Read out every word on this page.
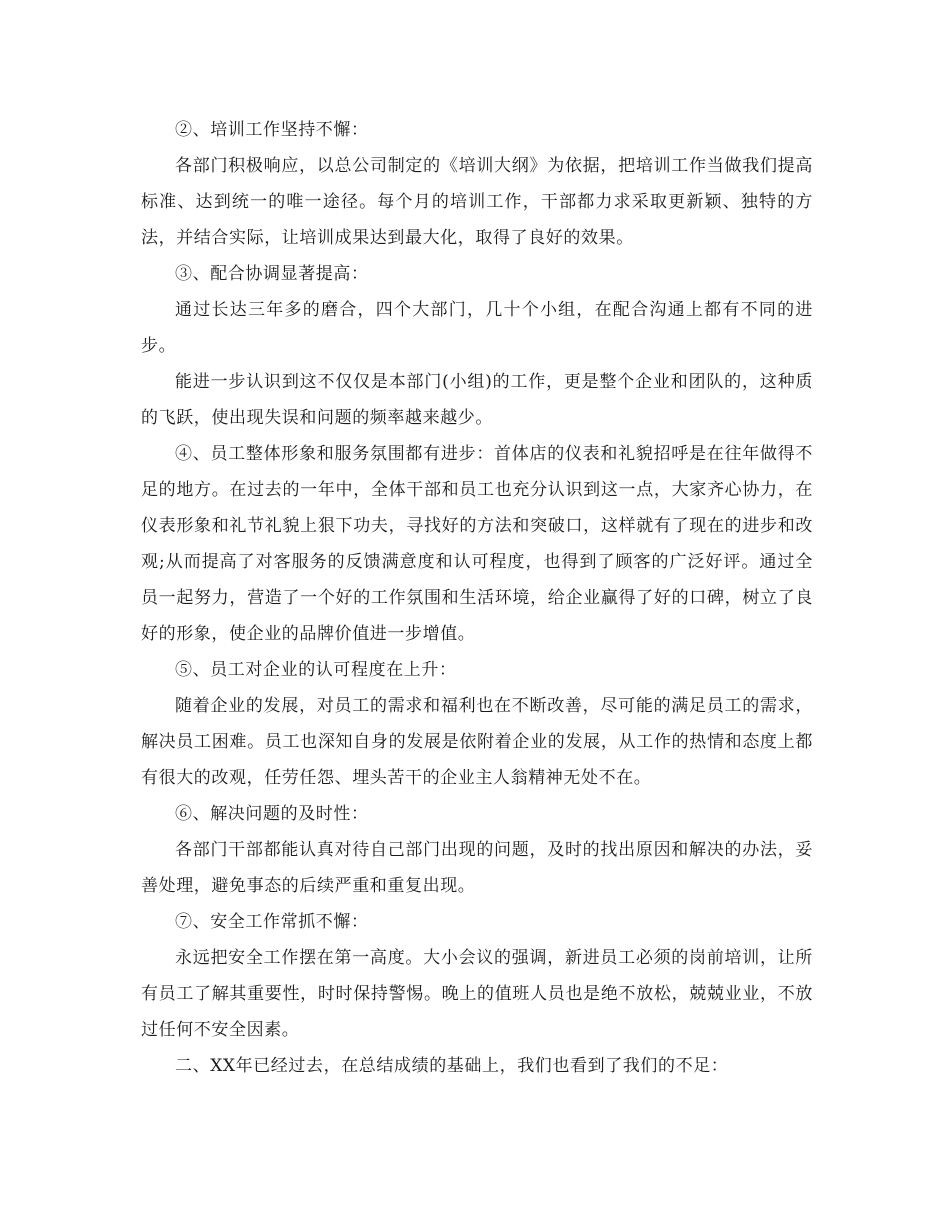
②、培训工作坚持不懈：

各部门积极响应，以总公司制定的《培训大纲》为依据，把培训工作当做我们提高标准、达到统一的唯一途径。每个月的培训工作，干部都力求采取更新颖、独特的方法，并结合实际，让培训成果达到最大化，取得了良好的效果。

③、配合协调显著提高：

通过长达三年多的磨合，四个大部门，几十个小组，在配合沟通上都有不同的进步。

能进一步认识到这不仅仅是本部门(小组)的工作，更是整个企业和团队的，这种质的飞跃，使出现失误和问题的频率越来越少。

④、员工整体形象和服务氛围都有进步：首体店的仪表和礼貌招呼是在往年做得不足的地方。在过去的一年中，全体干部和员工也充分认识到这一点，大家齐心协力，在仪表形象和礼节礼貌上狠下功夫，寻找好的方法和突破口，这样就有了现在的进步和改观;从而提高了对客服务的反馈满意度和认可程度，也得到了顾客的广泛好评。通过全员一起努力，营造了一个好的工作氛围和生活环境，给企业赢得了好的口碑，树立了良好的形象，使企业的品牌价值进一步增值。

⑤、员工对企业的认可程度在上升：

随着企业的发展，对员工的需求和福利也在不断改善，尽可能的满足员工的需求，解决员工困难。员工也深知自身的发展是依附着企业的发展，从工作的热情和态度上都有很大的改观，任劳任怨、埋头苦干的企业主人翁精神无处不在。

⑥、解决问题的及时性：

各部门干部都能认真对待自己部门出现的问题，及时的找出原因和解决的办法，妥善处理，避免事态的后续严重和重复出现。

⑦、安全工作常抓不懈：

永远把安全工作摆在第一高度。大小会议的强调，新进员工必须的岗前培训，让所有员工了解其重要性，时时保持警惕。晚上的值班人员也是绝不放松，兢兢业业，不放过任何不安全因素。

二、XX年已经过去，在总结成绩的基础上，我们也看到了我们的不足：
